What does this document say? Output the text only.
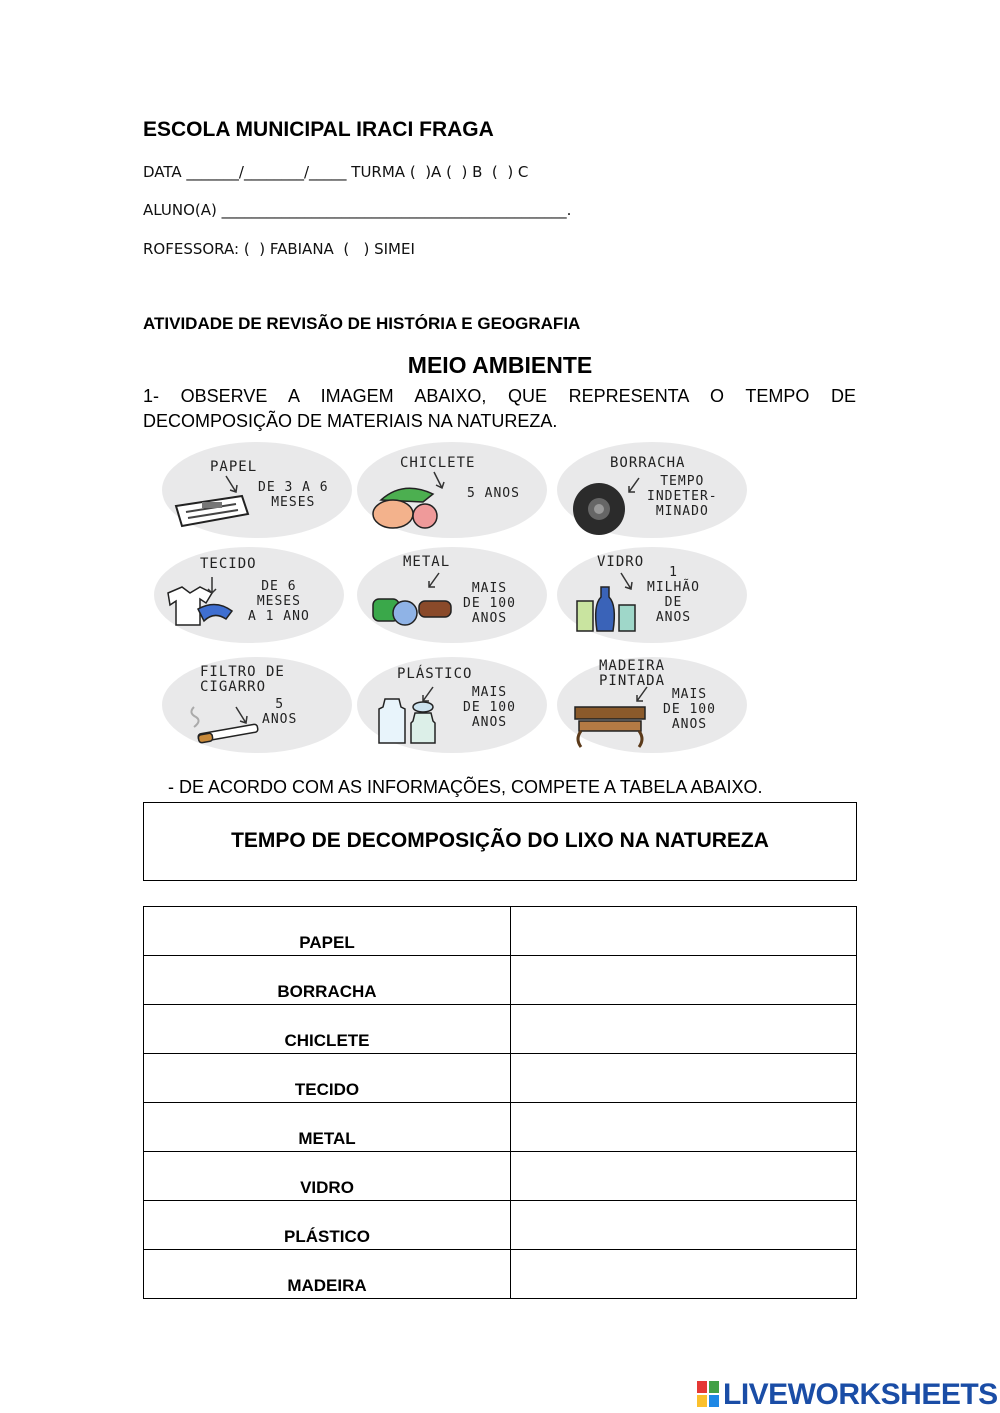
ESCOLA MUNICIPAL IRACI FRAGA
DATA _______/________/_____ TURMA (  )A (  ) B  (  ) C
ALUNO(A) ______________________________________________.
ROFESSORA: (  ) FABIANA  (   ) SIMEI
ATIVIDADE DE REVISÃO DE HISTÓRIA E GEOGRAFIA
MEIO AMBIENTE
1- OBSERVE A IMAGEM ABAIXO, QUE REPRESENTA O TEMPO DE
DECOMPOSIÇÃO DE MATERIAIS NA NATUREZA.
PAPEL
DE 3 A 6
MESES
CHICLETE
5 ANOS
BORRACHA
TEMPO
INDETER-
MINADO
TECIDO
DE 6
MESES
A 1 ANO
METAL
MAIS
DE 100
ANOS
VIDRO
1
MILHÃO
DE
ANOS
FILTRO DE
CIGARRO
5
ANOS
PLÁSTICO
MAIS
DE 100
ANOS
MADEIRA
PINTADA
MAIS
DE 100
ANOS
- DE ACORDO COM AS INFORMAÇÕES, COMPETE A TABELA ABAIXO.
TEMPO DE DECOMPOSIÇÃO DO LIXO NA NATUREZA
PAPEL	
BORRACHA	
CHICLETE	
TECIDO	
METAL	
VIDRO	
PLÁSTICO	
MADEIRA	
LIVEWORKSHEETS
